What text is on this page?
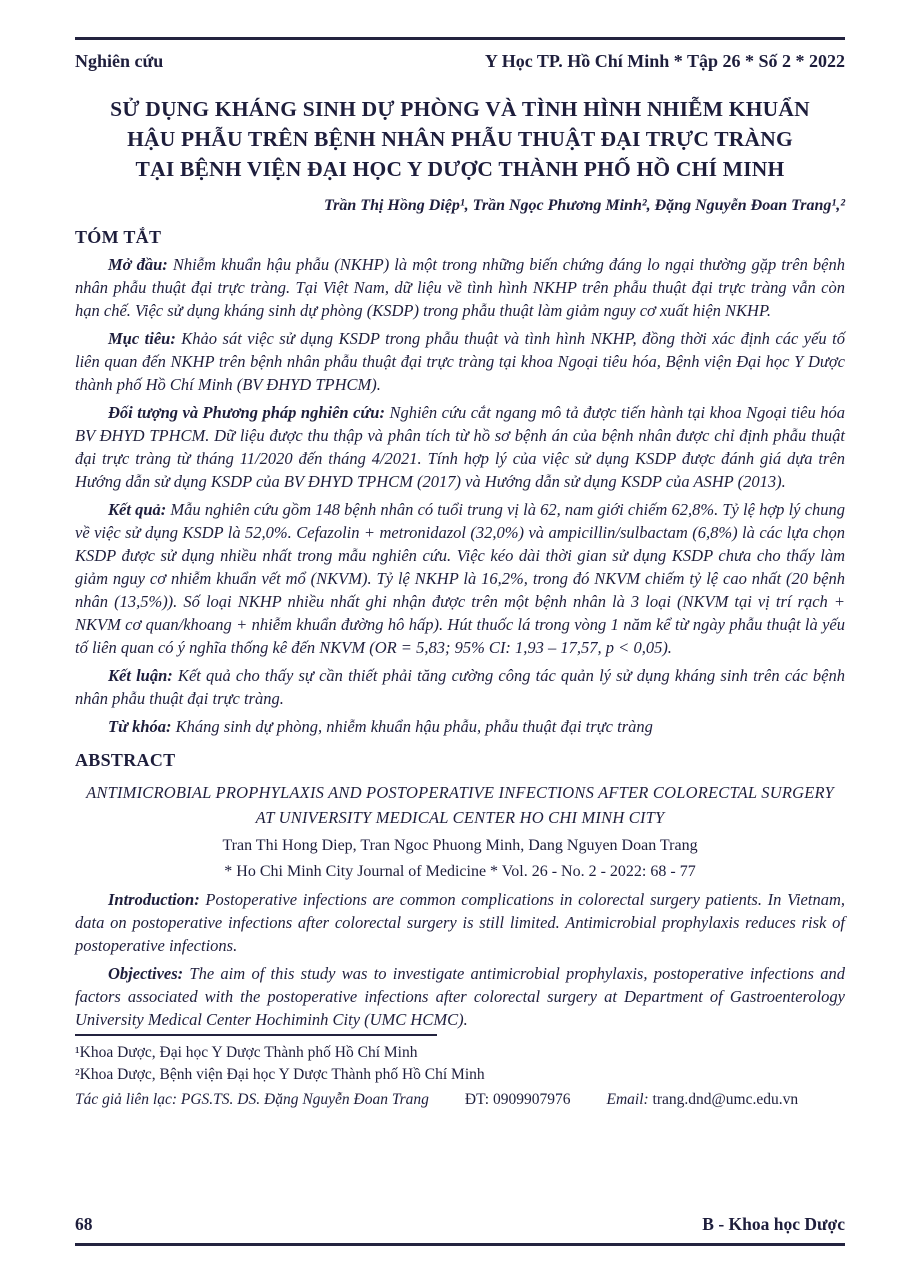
Nghiên cứu	Y Học TP. Hồ Chí Minh * Tập 26 * Số 2 * 2022
SỬ DỤNG KHÁNG SINH DỰ PHÒNG VÀ TÌNH HÌNH NHIỄM KHUẨN
HẬU PHẪU TRÊN BỆNH NHÂN PHẪU THUẬT ĐẠI TRỰC TRÀNG
TẠI BỆNH VIỆN ĐẠI HỌC Y DƯỢC THÀNH PHỐ HỒ CHÍ MINH
Trần Thị Hồng Diệp¹, Trần Ngọc Phương Minh², Đặng Nguyễn Đoan Trang¹,²
TÓM TẮT

Mở đầu: Nhiễm khuẩn hậu phẫu (NKHP) là một trong những biến chứng đáng lo ngại thường gặp trên bệnh nhân phẫu thuật đại trực tràng. Tại Việt Nam, dữ liệu về tình hình NKHP trên phẫu thuật đại trực tràng vẫn còn hạn chế. Việc sử dụng kháng sinh dự phòng (KSDP) trong phẫu thuật làm giảm nguy cơ xuất hiện NKHP.

Mục tiêu: Khảo sát việc sử dụng KSDP trong phẫu thuật và tình hình NKHP, đồng thời xác định các yếu tố liên quan đến NKHP trên bệnh nhân phẫu thuật đại trực tràng tại khoa Ngoại tiêu hóa, Bệnh viện Đại học Y Dược thành phố Hồ Chí Minh (BV ĐHYD TPHCM).

Đối tượng và Phương pháp nghiên cứu: Nghiên cứu cắt ngang mô tả được tiến hành tại khoa Ngoại tiêu hóa BV ĐHYD TPHCM. Dữ liệu được thu thập và phân tích từ hồ sơ bệnh án của bệnh nhân được chỉ định phẫu thuật đại trực tràng từ tháng 11/2020 đến tháng 4/2021. Tính hợp lý của việc sử dụng KSDP được đánh giá dựa trên Hướng dẫn sử dụng KSDP của BV ĐHYD TPHCM (2017) và Hướng dẫn sử dụng KSDP của ASHP (2013).

Kết quả: Mẫu nghiên cứu gồm 148 bệnh nhân có tuổi trung vị là 62, nam giới chiếm 62,8%. Tỷ lệ hợp lý chung về việc sử dụng KSDP là 52,0%. Cefazolin + metronidazol (32,0%) và ampicillin/sulbactam (6,8%) là các lựa chọn KSDP được sử dụng nhiều nhất trong mẫu nghiên cứu. Việc kéo dài thời gian sử dụng KSDP chưa cho thấy làm giảm nguy cơ nhiễm khuẩn vết mổ (NKVM). Tỷ lệ NKHP là 16,2%, trong đó NKVM chiếm tỷ lệ cao nhất (20 bệnh nhân (13,5%)). Số loại NKHP nhiều nhất ghi nhận được trên một bệnh nhân là 3 loại (NKVM tại vị trí rạch + NKVM cơ quan/khoang + nhiễm khuẩn đường hô hấp). Hút thuốc lá trong vòng 1 năm kể từ ngày phẫu thuật là yếu tố liên quan có ý nghĩa thống kê đến NKVM (OR = 5,83; 95% CI: 1,93 – 17,57, p < 0,05).

Kết luận: Kết quả cho thấy sự cần thiết phải tăng cường công tác quản lý sử dụng kháng sinh trên các bệnh nhân phẫu thuật đại trực tràng.

Từ khóa: Kháng sinh dự phòng, nhiễm khuẩn hậu phẫu, phẫu thuật đại trực tràng

ABSTRACT
ANTIMICROBIAL PROPHYLAXIS AND POSTOPERATIVE INFECTIONS AFTER COLORECTAL SURGERY AT UNIVERSITY MEDICAL CENTER HO CHI MINH CITY
Tran Thi Hong Diep, Tran Ngoc Phuong Minh, Dang Nguyen Doan Trang
* Ho Chi Minh City Journal of Medicine * Vol. 26 - No. 2 - 2022: 68 - 77

Introduction: Postoperative infections are common complications in colorectal surgery patients. In Vietnam, data on postoperative infections after colorectal surgery is still limited. Antimicrobial prophylaxis reduces risk of postoperative infections.

Objectives: The aim of this study was to investigate antimicrobial prophylaxis, postoperative infections and factors associated with the postoperative infections after colorectal surgery at Department of Gastroenterology University Medical Center Hochiminh City (UMC HCMC).

¹Khoa Dược, Đại học Y Dược Thành phố Hồ Chí Minh
²Khoa Dược, Bệnh viện Đại học Y Dược Thành phố Hồ Chí Minh
Tác giả liên lạc: PGS.TS. DS. Đặng Nguyễn Đoan Trang ĐT: 0909907976 Email: trang.dnd@umc.edu.vn
68	B - Khoa học Dược
